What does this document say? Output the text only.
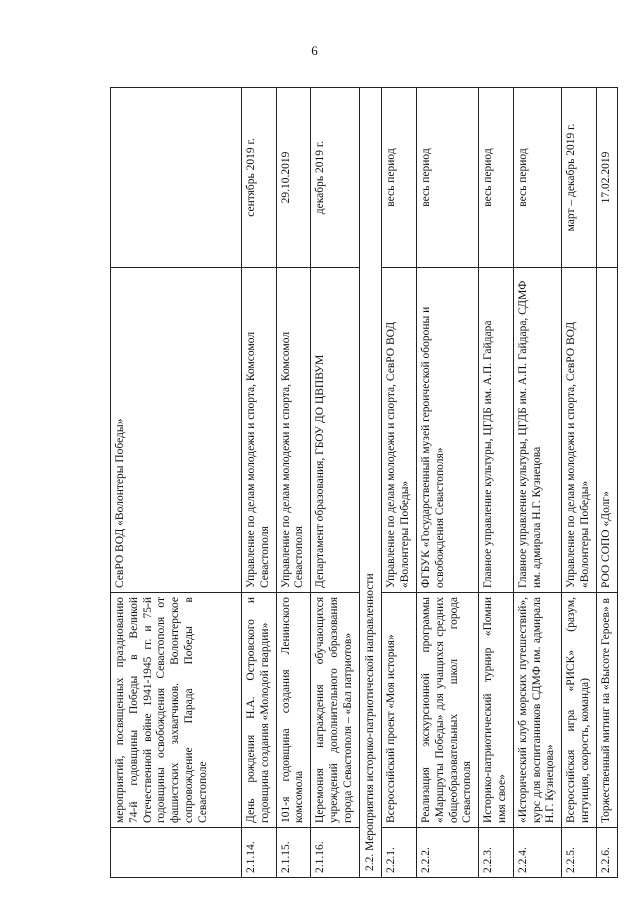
6
	мероприятий, посвященных празднованию 74-й годовщины Победы в Великой Отечественной войне 1941-1945 гг. и 75-й годовщины освобождения Севастополя от фашистских захватчиков. Волонтерское сопровождение Парада Победы в Севастополе	СевРО ВОД «Волонтеры Победы»	
2.1.14.	День рождения Н.А. Островского и годовщина создания «Молодой гвардии»	Управление по делам молодежи и спорта, Комсомол Севастополя	сентябрь 2019 г.
2.1.15.	101-я годовщина создания Ленинского комсомола	Управление по делам молодежи и спорта, Комсомол Севастополя	29.10.2019
2.1.16.	Церемония награждения обучающихся учреждений дополнительного образования города Севастополя – «Бал патриотов»	Департамент образования, ГБОУ ДО ЦВПВУМ	декабрь 2019 г.
2.2. Мероприятия историко-патриотической направленности			
2.2.1.	Всероссийский проект «Моя история»	Управление по делам молодежи и спорта, СевРО ВОД «Волонтеры Победы»	весь период
2.2.2.	Реализация экскурсионной программы «Маршруты Победы» для учащихся средних общеобразовательных школ города Севастополя	ФГБУК «Государственный музей героической обороны и освобождения Севастополя»	весь период
2.2.3.	Историко-патриотический турнир «Помни имя свое»	Главное управление культуры, ЦГДБ им. А.П. Гайдара	весь период
2.2.4.	«Исторический клуб морских путешествий», курс для воспитанников СДМФ им. адмирала Н.Г. Кузнецова»	Главное управление культуры, ЦГДБ им. А.П. Гайдара, СДМФ им. адмирала Н.Г. Кузнецова	весь период
2.2.5.	Всероссийская игра «РИСК» (разум, интуиция, скорость, команда)	Управление по делам молодежи и спорта, СевРО ВОД «Волонтеры Победы»	март – декабрь 2019 г.
2.2.6.	Торжественный митинг на «Высоте Героев» в	РОО СОПО «Долг»	17.02.2019
